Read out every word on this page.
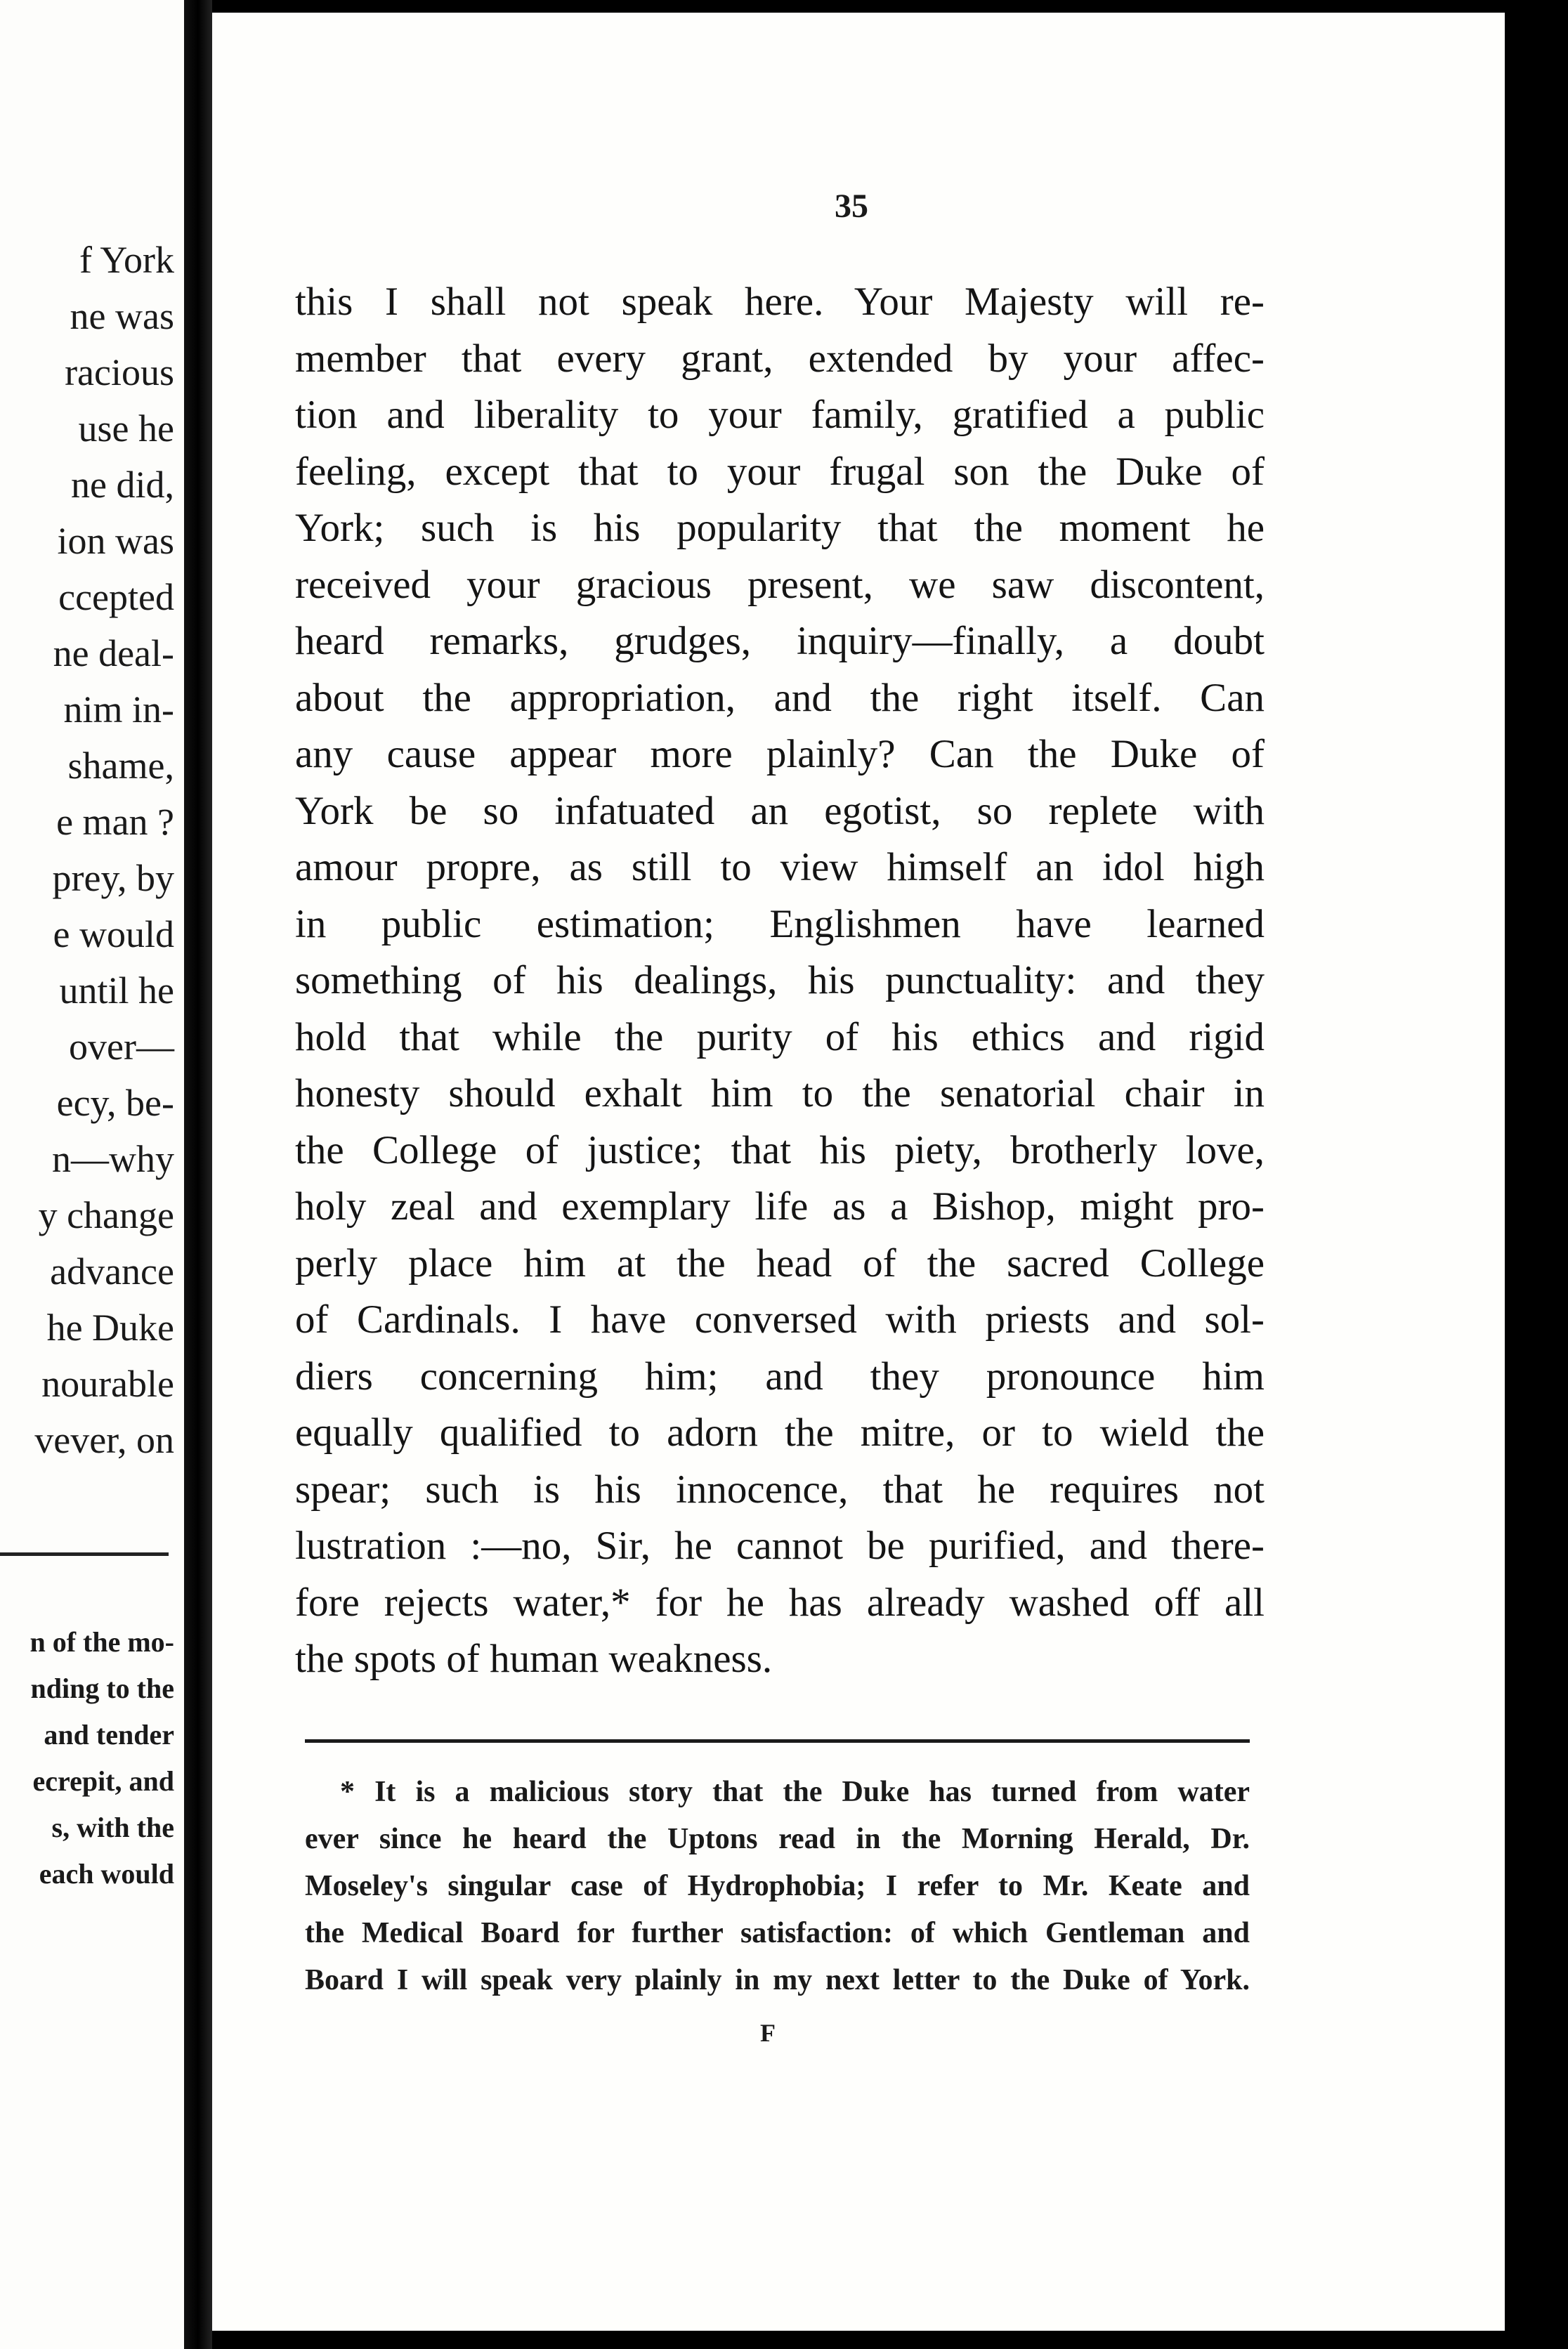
f York
ne was
racious
use he
ne did,
ion was
ccepted
ne deal-
nim in-
shame,
e man ?
prey, by
e would
until he
over—
ecy, be-
n—why
y change
advance
he Duke
nourable
vever, on
n of the mo-
nding to the
and tender
ecrepit, and
s, with the
each would
35
this I shall not speak here. Your Majesty will re-
member that every grant, extended by your affec-
tion and liberality to your family, gratified a public
feeling, except that to your frugal son the Duke of
York; such is his popularity that the moment he
received your gracious present, we saw discontent,
heard remarks, grudges, inquiry—finally, a doubt
about the appropriation, and the right itself. Can
any cause appear more plainly? Can the Duke of
York be so infatuated an egotist, so replete with
amour propre, as still to view himself an idol high
in public estimation; Englishmen have learned
something of his dealings, his punctuality: and they
hold that while the purity of his ethics and rigid
honesty should exhalt him to the senatorial chair in
the College of justice; that his piety, brotherly love,
holy zeal and exemplary life as a Bishop, might pro-
perly place him at the head of the sacred College
of Cardinals. I have conversed with priests and sol-
diers concerning him; and they pronounce him
equally qualified to adorn the mitre, or to wield the
spear; such is his innocence, that he requires not
lustration :—no, Sir, he cannot be purified, and there-
fore rejects water,* for he has already washed off all
the spots of human weakness.
* It is a malicious story that the Duke has turned from water
ever since he heard the Uptons read in the Morning Herald, Dr.
Moseley's singular case of Hydrophobia; I refer to Mr. Keate and
the Medical Board for further satisfaction: of which Gentleman and
Board I will speak very plainly in my next letter to the Duke of York.
F
